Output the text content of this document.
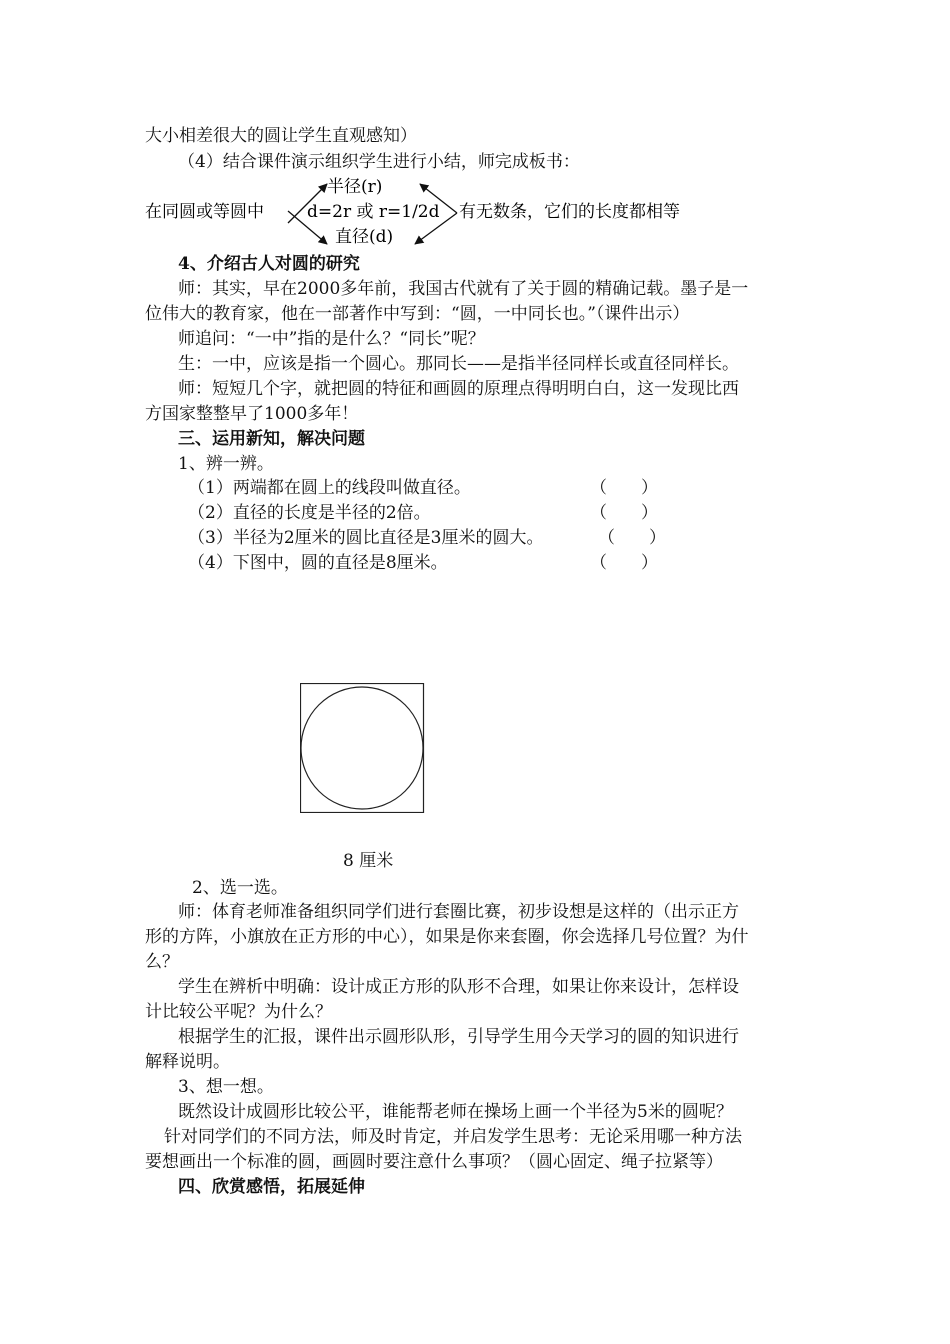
大小相差很大的圆让学生直观感知）
（4）结合课件演示组织学生进行小结，师完成板书：
在同圆或等圆中
半径(r)
d=2r 或 r=1/2d
直径(d)
有无数条，它们的长度都相等
4、介绍古人对圆的研究
师：其实，早在2000多年前，我国古代就有了关于圆的精确记载。墨子是一
位伟大的教育家，他在一部著作中写到：“圆，一中同长也。”（课件出示）
师追问：“一中”指的是什么？“同长”呢？
生：一中，应该是指一个圆心。那同长——是指半径同样长或直径同样长。
师：短短几个字，就把圆的特征和画圆的原理点得明明白白，这一发现比西
方国家整整早了1000多年！
三、运用新知，解决问题
1、辨一辨。
（1）两端都在圆上的线段叫做直径。	（　　）
（2）直径的长度是半径的2倍。	（　　）
（3）半径为2厘米的圆比直径是3厘米的圆大。	（　　）
（4）下图中，圆的直径是8厘米。	（　　）
8 厘米
2、选一选。
师：体育老师准备组织同学们进行套圈比赛，初步设想是这样的（出示正方
形的方阵，小旗放在正方形的中心），如果是你来套圈，你会选择几号位置？为什
么？
学生在辨析中明确：设计成正方形的队形不合理，如果让你来设计，怎样设
计比较公平呢？为什么？
根据学生的汇报，课件出示圆形队形，引导学生用今天学习的圆的知识进行
解释说明。
3、想一想。
既然设计成圆形比较公平，谁能帮老师在操场上画一个半径为5米的圆呢？
针对同学们的不同方法，师及时肯定，并启发学生思考：无论采用哪一种方法
要想画出一个标准的圆，画圆时要注意什么事项？（圆心固定、绳子拉紧等）
四、欣赏感悟，拓展延伸
